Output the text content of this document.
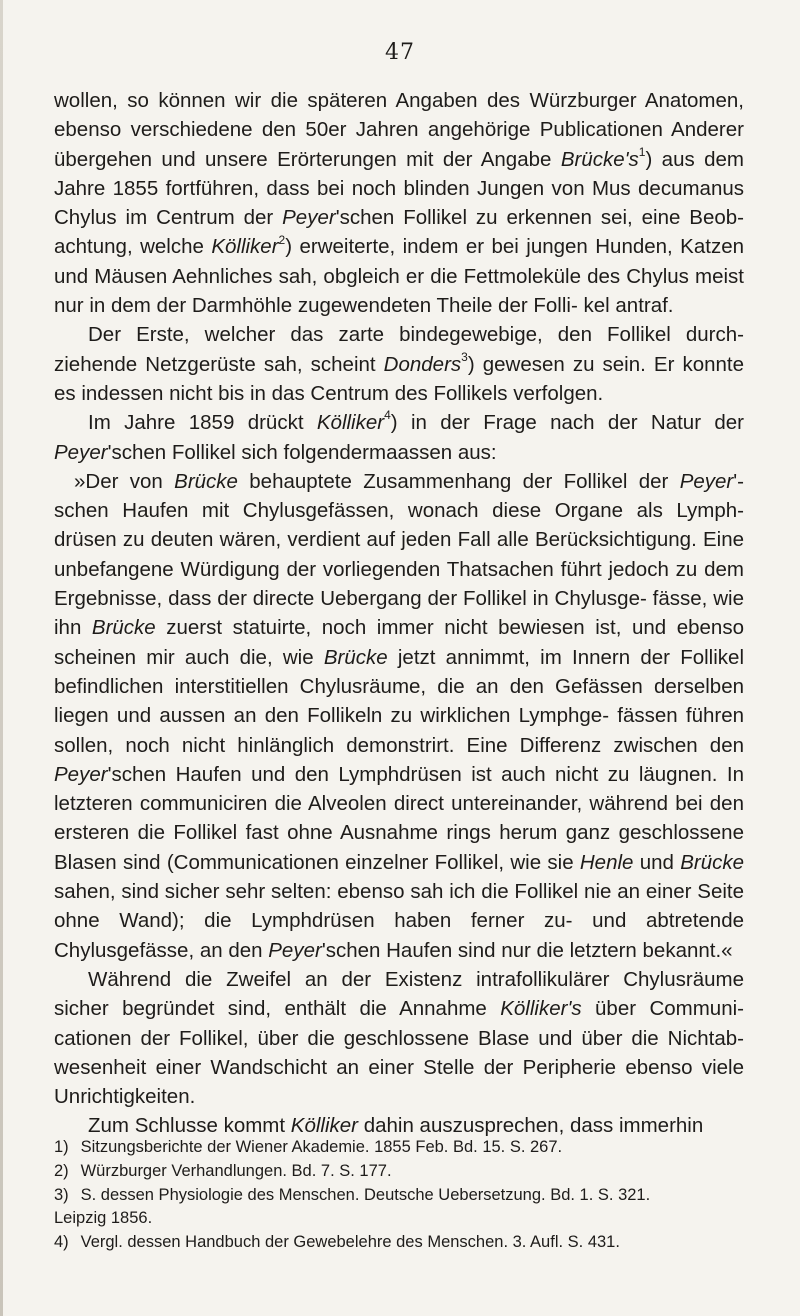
47

wollen, so können wir die späteren Angaben des Würzburger Anatomen, ebenso verschiedene den 50er Jahren angehörige Publicationen Anderer übergehen und unsere Erörterungen mit der Angabe $Brücke's^1$) aus dem Jahre 1855 fortführen, dass bei noch blinden Jungen von Mus decumanus Chylus im Centrum der Peyer'schen Follikel zu erkennen sei, eine Beob- achtung, welche Kölliker$^2$) erweiterte, indem er bei jungen Hunden, Katzen und Mäusen Aehnliches sah, obgleich er die Fettmoleküle des Chylus meist nur in dem der Darmhöhle zugewendeten Theile der Folli- kel antraf.

Der Erste, welcher das zarte bindegewebige, den Follikel durch- ziehende Netzgerüste sah, scheint Donders$^3$) gewesen zu sein. Er konnte es indessen nicht bis in das Centrum des Follikels verfolgen.

Im Jahre 1859 drückt Kölliker$^4$) in der Frage nach der Natur der Peyer'schen Follikel sich folgendermaassen aus:

»Der von Brücke behauptete Zusammenhang der Follikel der Peyer'- schen Haufen mit Chylusgefässen, wonach diese Organe als Lymph- drüsen zu deuten wären, verdient auf jeden Fall alle Berücksichtigung. Eine unbefangene Würdigung der vorliegenden Thatsachen führt jedoch zu dem Ergebnisse, dass der directe Uebergang der Follikel in Chylusge- fässe, wie ihn Brücke zuerst statuirte, noch immer nicht bewiesen ist, und ebenso scheinen mir auch die, wie Brücke jetzt annimmt, im Innern der Follikel befindlichen interstitiellen Chylusräume, die an den Gefässen derselben liegen und aussen an den Follikeln zu wirklichen Lymphge- fässen führen sollen, noch nicht hinlänglich demonstrirt. Eine Differenz zwischen den Peyer'schen Haufen und den Lymphdrüsen ist auch nicht zu läugnen. In letzteren communiciren die Alveolen direct untereinander, während bei den ersteren die Follikel fast ohne Ausnahme rings herum ganz geschlossene Blasen sind (Communicationen einzelner Follikel, wie sie Henle und Brücke sahen, sind sicher sehr selten: ebenso sah ich die Follikel nie an einer Seite ohne Wand); die Lymphdrüsen haben ferner zu- und abtretende Chylusgefässe, an den Peyer'schen Haufen sind nur die letztern bekannt.«

Während die Zweifel an der Existenz intrafollikulärer Chylusräume sicher begründet sind, enthält die Annahme Kölliker's über Communi- cationen der Follikel, über die geschlossene Blase und über die Nichtab- wesenheit einer Wandschicht an einer Stelle der Peripherie ebenso viele Unrichtigkeiten.

Zum Schlusse kommt Kölliker dahin auszusprechen, dass immerhin

1) Sitzungsberichte der Wiener Akademie. 1855 Feb. Bd. 15. S. 267.

2) Würzburger Verhandlungen. Bd. 7. S. 177.

3) S. dessen Physiologie des Menschen. Deutsche Uebersetzung. Bd. 1. S. 321.

Leipzig 1856.

4) Vergl. dessen Handbuch der Gewebelehre des Menschen. 3. Aufl. S. 431.
